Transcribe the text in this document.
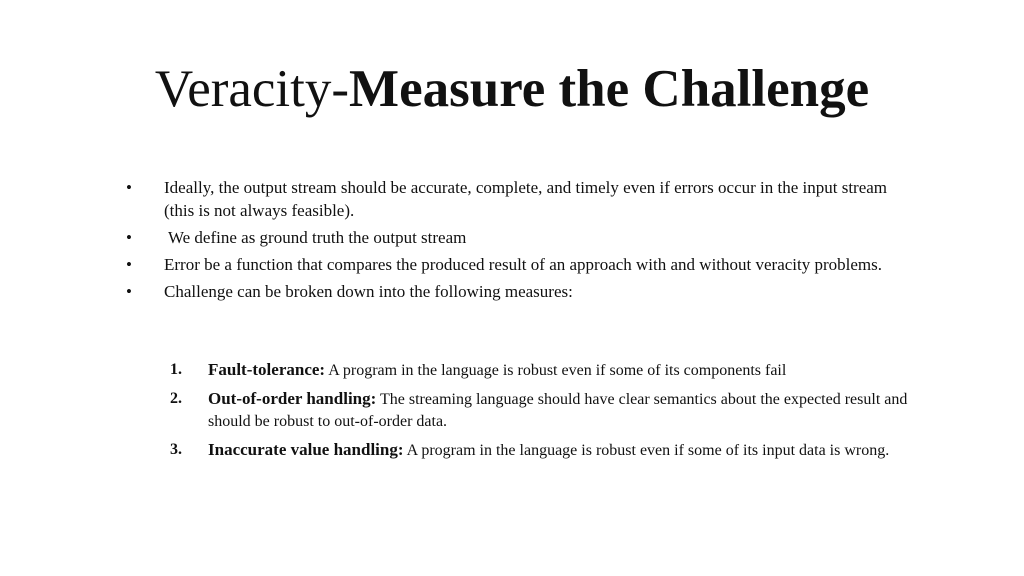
Veracity-Measure the Challenge
•	Ideally, the output stream should be accurate, complete, and timely even if errors occur in the input stream (this is not always feasible).
•	We define as ground truth the output stream
•	Error be a function that compares the produced result of an approach with and without veracity problems.
•	Challenge can be broken down into the following measures:
1. Fault-tolerance: A program in the language is robust even if some of its components fail
2. Out-of-order handling: The streaming language should have clear semantics about the expected result and should be robust to out-of-order data.
3. Inaccurate value handling: A program in the language is robust even if some of its input data is wrong.
